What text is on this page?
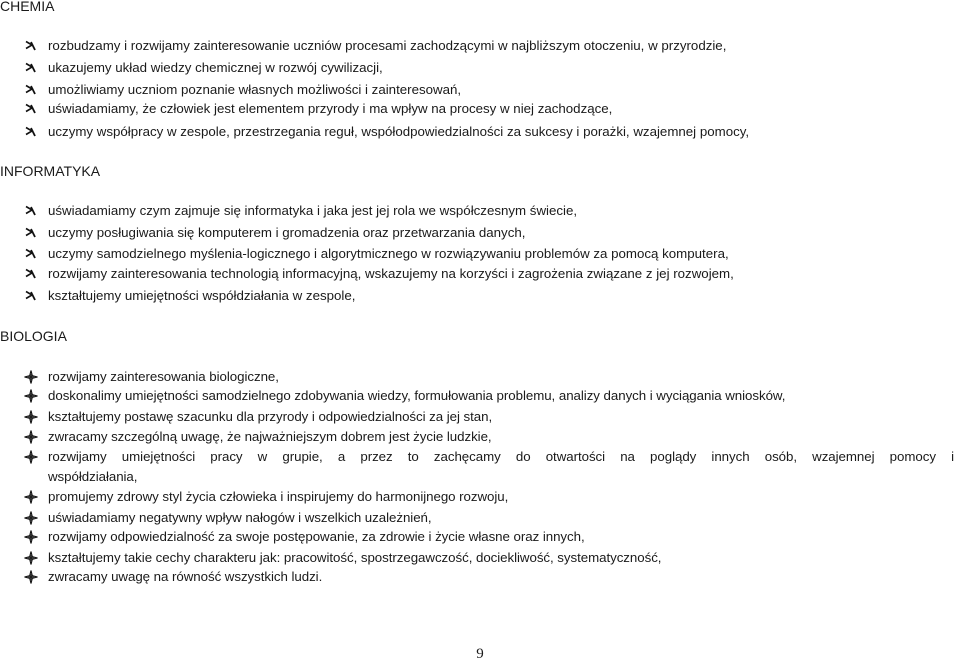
CHEMIA
rozbudzamy i rozwijamy zainteresowanie uczniów procesami zachodzącymi w najbliższym otoczeniu, w przyrodzie,
ukazujemy układ wiedzy chemicznej w rozwój cywilizacji,
umożliwiamy uczniom poznanie własnych możliwości i zainteresowań,
uświadamiamy, że człowiek jest elementem przyrody i ma wpływ na procesy w niej zachodzące,
uczymy współpracy w zespole, przestrzegania reguł, współodpowiedzialności za sukcesy i porażki, wzajemnej pomocy,
INFORMATYKA
uświadamiamy czym zajmuje się informatyka i jaka jest jej rola we współczesnym świecie,
uczymy posługiwania się komputerem i gromadzenia oraz przetwarzania danych,
uczymy samodzielnego myślenia-logicznego i algorytmicznego w rozwiązywaniu problemów za pomocą komputera,
rozwijamy zainteresowania technologią informacyjną, wskazujemy na korzyści i zagrożenia związane z jej rozwojem,
kształtujemy umiejętności współdziałania w zespole,
BIOLOGIA
rozwijamy zainteresowania biologiczne,
doskonalimy umiejętności samodzielnego zdobywania wiedzy, formułowania problemu, analizy danych i wyciągania wniosków,
kształtujemy postawę szacunku dla przyrody i odpowiedzialności za jej stan,
zwracamy szczególną uwagę, że najważniejszym dobrem jest życie ludzkie,
rozwijamy umiejętności pracy w grupie, a przez to zachęcamy do otwartości na poglądy innych osób, wzajemnej pomocy i
współdziałania,
promujemy zdrowy styl życia człowieka i inspirujemy do harmonijnego rozwoju,
uświadamiamy negatywny wpływ nałogów i wszelkich uzależnień,
rozwijamy odpowiedzialność za swoje postępowanie, za zdrowie i życie własne oraz innych,
kształtujemy takie cechy charakteru jak: pracowitość, spostrzegawczość, dociekliwość, systematyczność,
zwracamy uwagę na równość wszystkich ludzi.
9
